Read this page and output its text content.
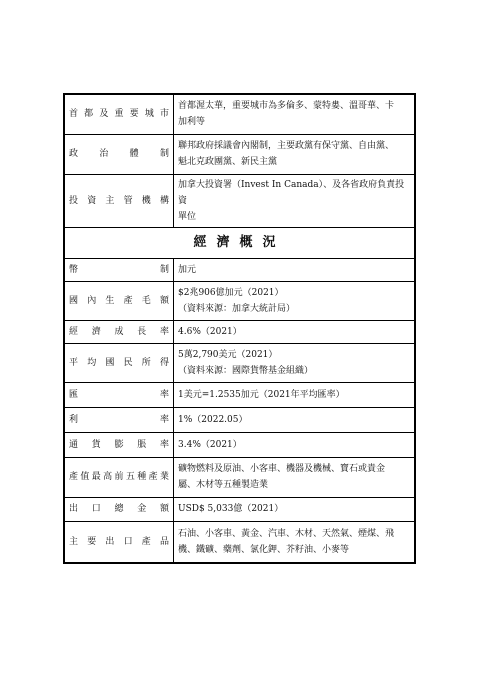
首都及重要城市	首都渥太華，重要城市為多倫多、蒙特婁、溫哥華、卡
加利等

政治體制	聯邦政府採議會內閣制，主要政黨有保守黨、自由黨、
魁北克政團黨、新民主黨

投資主管機構	加拿大投資署（Invest In Canada）、及各省政府負責投資
單位

經濟概況	

幣制	加元

國內生產毛額	$2兆906億加元（2021）
（資料來源：加拿大統計局）

經濟成長率	4.6%（2021）

平均國民所得	5萬2,790美元（2021）
（資料來源：國際貨幣基金組織）

匯率	1美元=1.2535加元（2021年平均匯率）

利率	1%（2022.05）

通貨膨脹率	3.4%（2021）

產值最高前五種產業	礦物燃料及原油、小客車、機器及機械、寶石或貴金
屬、木材等五種製造業

出口總金額	USD$ 5,033億（2021）

主要出口產品	石油、小客車、黃金、汽車、木材、天然氣、煙煤、飛
機、鐵礦、藥劑、氯化鉀、芥籽油、小麥等
